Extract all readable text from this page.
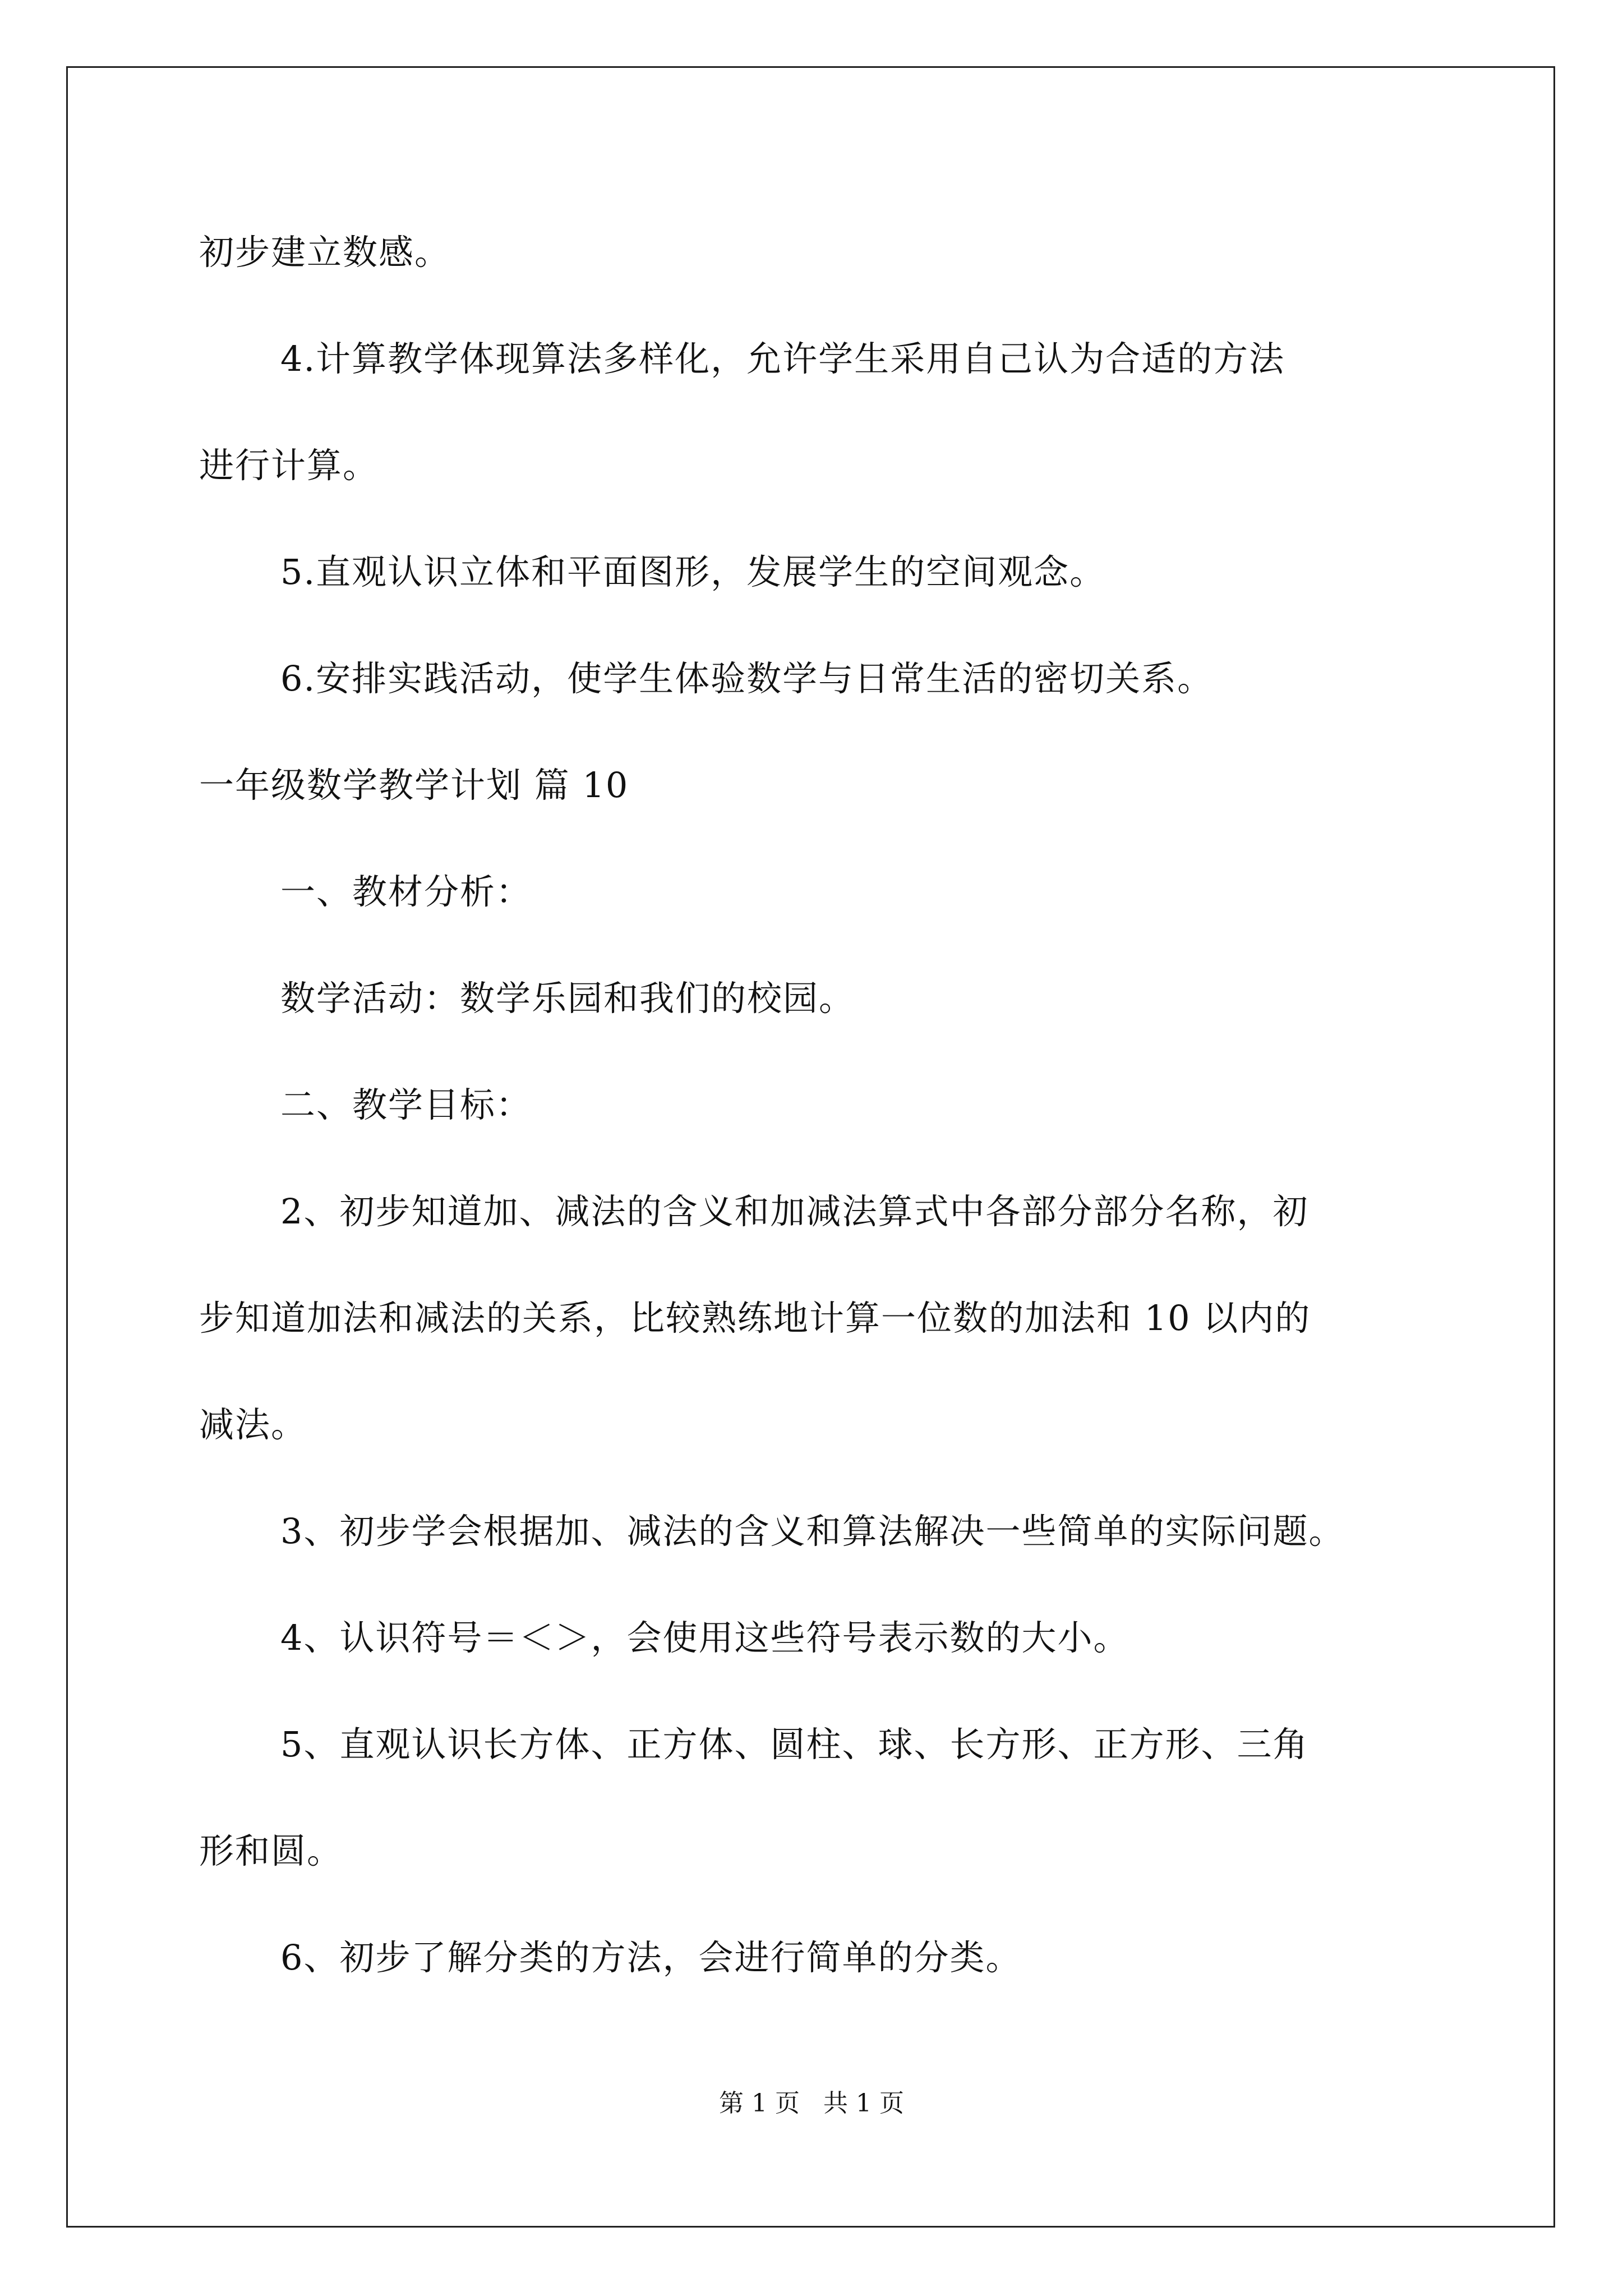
初步建立数感。
4.计算教学体现算法多样化，允许学生采用自己认为合适的方法
进行计算。
5.直观认识立体和平面图形，发展学生的空间观念。
6.安排实践活动，使学生体验数学与日常生活的密切关系。
一年级数学教学计划 篇 10
一、教材分析：
数学活动：数学乐园和我们的校园。
二、教学目标：
2、初步知道加、减法的含义和加减法算式中各部分部分名称，初
步知道加法和减法的关系，比较熟练地计算一位数的加法和 10 以内的
减法。
3、初步学会根据加、减法的含义和算法解决一些简单的实际问题。
4、认识符号＝＜＞，会使用这些符号表示数的大小。
5、直观认识长方体、正方体、圆柱、球、长方形、正方形、三角
形和圆。
6、初步了解分类的方法，会进行简单的分类。
第 1 页   共 1 页
